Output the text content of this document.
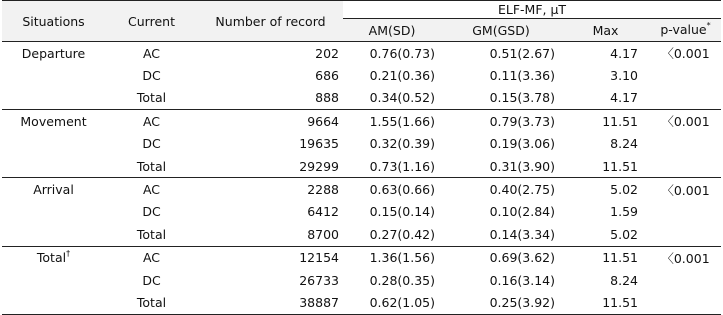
Situations	Current	Number of record	ELF-MF, μT			
			AM(SD)	GM(GSD)	Max	p-value*
Departure	AC	202	0.76(0.73)	0.51(2.67)	4.17	〈0.001
	DC	686	0.21(0.36)	0.11(3.36)	3.10	
	Total	888	0.34(0.52)	0.15(3.78)	4.17	
Movement	AC	9664	1.55(1.66)	0.79(3.73)	11.51	〈0.001
	DC	19635	0.32(0.39)	0.19(3.06)	8.24	
	Total	29299	0.73(1.16)	0.31(3.90)	11.51	
Arrival	AC	2288	0.63(0.66)	0.40(2.75)	5.02	〈0.001
	DC	6412	0.15(0.14)	0.10(2.84)	1.59	
	Total	8700	0.27(0.42)	0.14(3.34)	5.02	
Total†	AC	12154	1.36(1.56)	0.69(3.62)	11.51	〈0.001
	DC	26733	0.28(0.35)	0.16(3.14)	8.24	
	Total	38887	0.62(1.05)	0.25(3.92)	11.51	
